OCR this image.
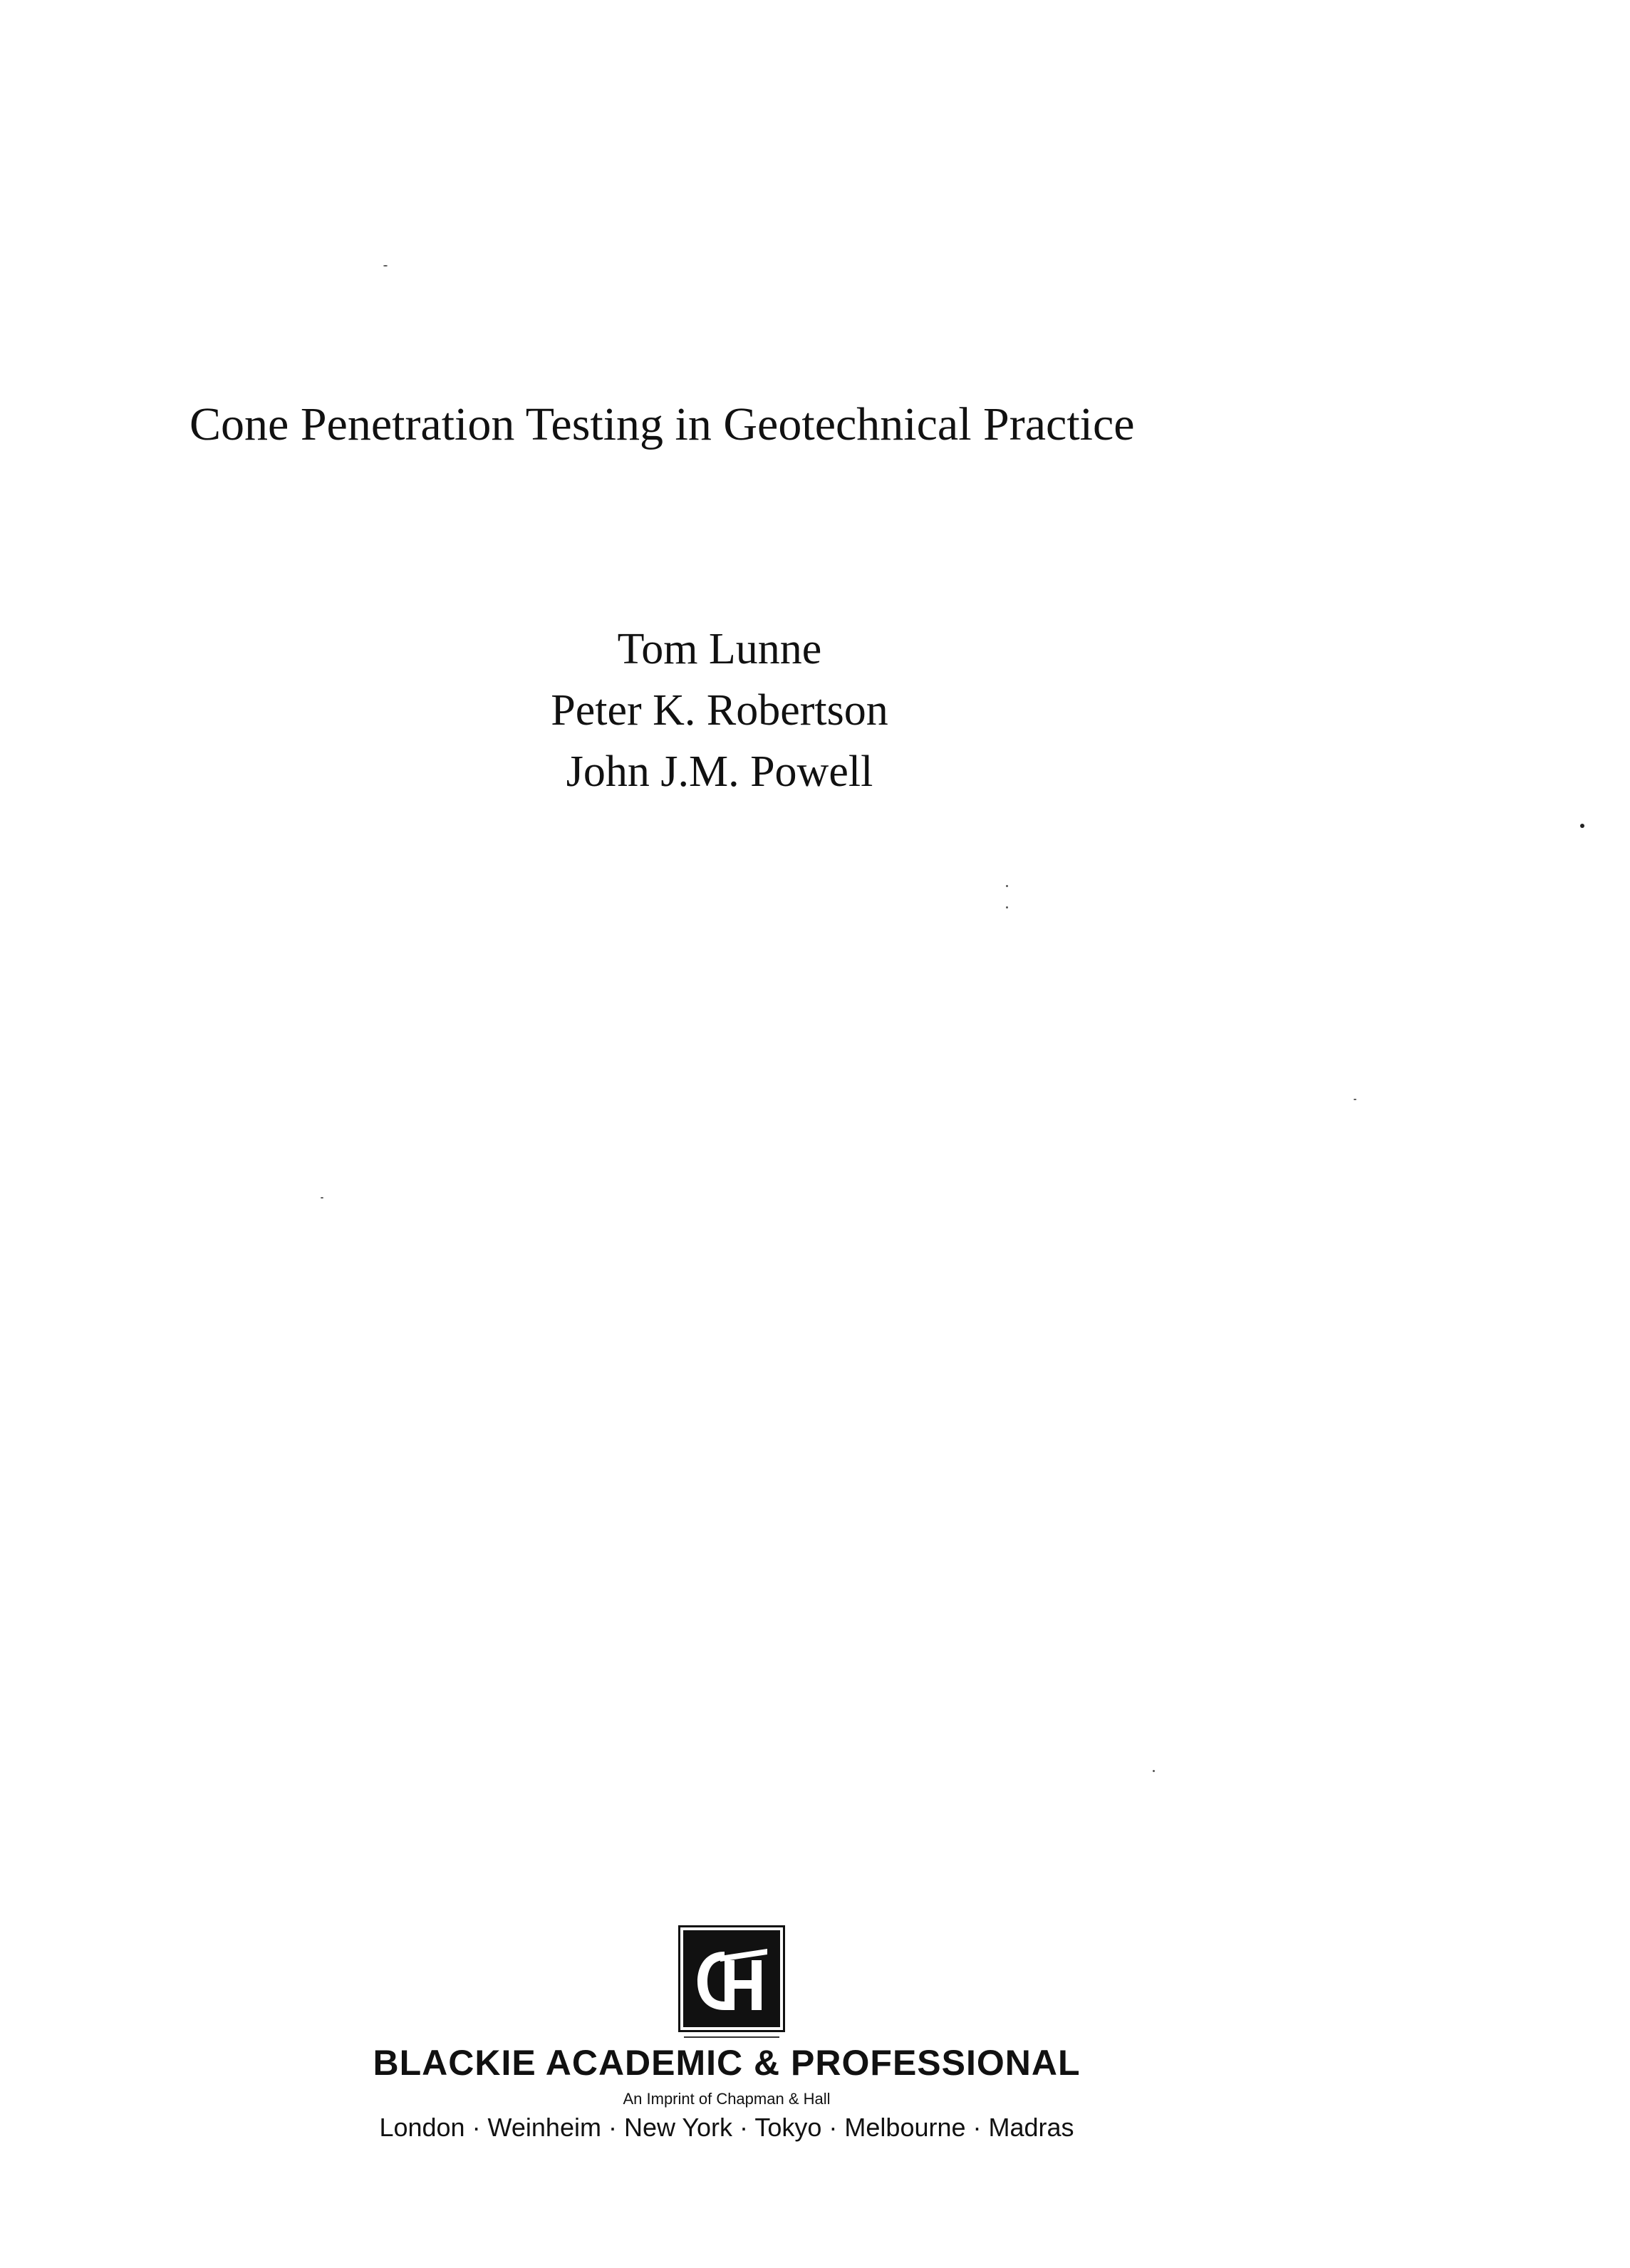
Cone Penetration Testing in Geotechnical Practice
Tom Lunne
Peter K. Robertson
John J.M. Powell
BLACKIE ACADEMIC & PROFESSIONAL
An Imprint of Chapman & Hall
London · Weinheim · New York · Tokyo · Melbourne · Madras
